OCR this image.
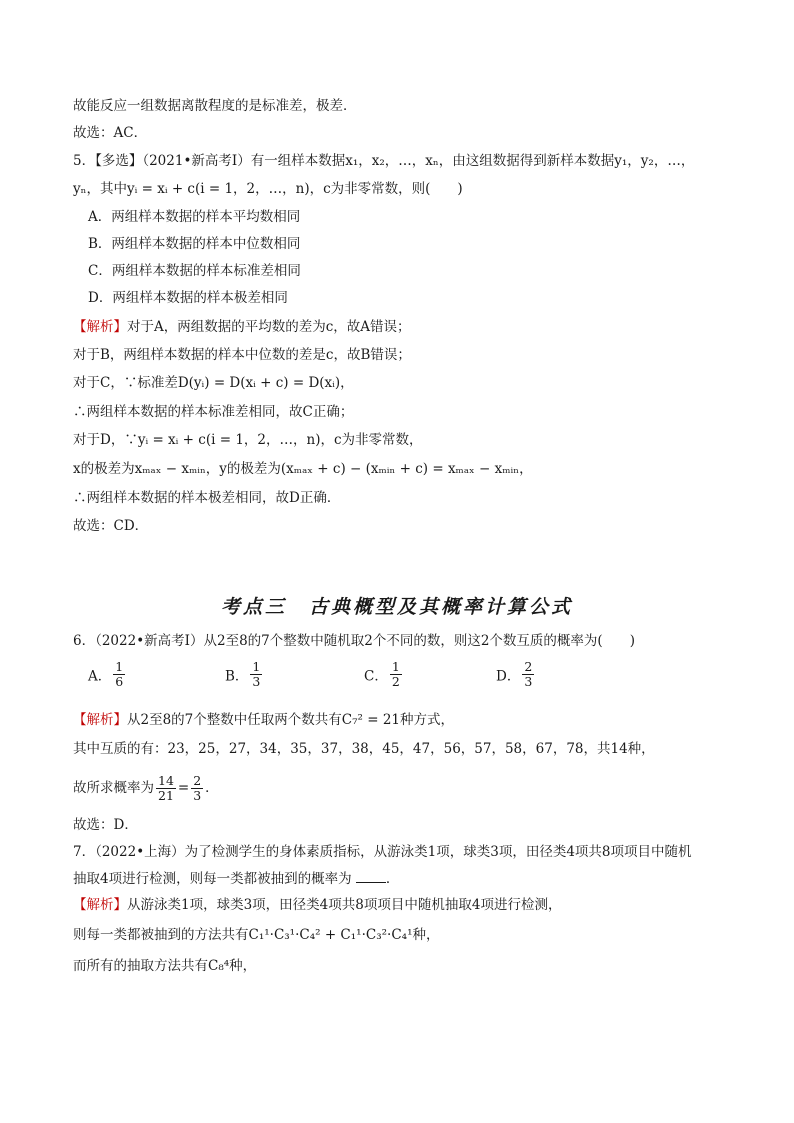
故能反应一组数据离散程度的是标准差，极差．
故选：AC．
5．【多选】（2021•新高考Ⅰ）有一组样本数据x₁，x₂，…，xₙ，由这组数据得到新样本数据y₁，y₂，…，
yₙ，其中yᵢ = xᵢ + c(i = 1，2，…，n)，c为非零常数，则(　　)
A．两组样本数据的样本平均数相同
B．两组样本数据的样本中位数相同
C．两组样本数据的样本标准差相同
D．两组样本数据的样本极差相同
【解析】对于A，两组数据的平均数的差为c，故A错误；
对于B，两组样本数据的样本中位数的差是c，故B错误；
对于C，∵标准差D(yᵢ) = D(xᵢ + c) = D(xᵢ)，
∴两组样本数据的样本标准差相同，故C正确；
对于D，∵yᵢ = xᵢ + c(i = 1，2，…，n)，c为非零常数，
x的极差为xₘₐₓ − xₘᵢₙ，y的极差为(xₘₐₓ + c) − (xₘᵢₙ + c) = xₘₐₓ − xₘᵢₙ，
∴两组样本数据的样本极差相同，故D正确．
故选：CD．
考点三　古典概型及其概率计算公式
6．（2022•新高考Ⅰ）从2至8的7个整数中随机取2个不同的数，则这2个数互质的概率为(　　)
A． $\frac{1}{6}$	B． $\frac{1}{3}$	C． $\frac{1}{2}$	D． $\frac{2}{3}$
【解析】从2至8的7个整数中任取两个数共有C₇² = 21种方式，
其中互质的有：23，25，27，34，35，37，38，45，47，56，57，58，67，78，共14种，
故所求概率为 $\frac{14}{21} = \frac{2}{3}$ ．
故选：D．
7．（2022•上海）为了检测学生的身体素质指标，从游泳类1项，球类3项，田径类4项共8项项目中随机
抽取4项进行检测，则每一类都被抽到的概率为	．
【解析】从游泳类1项，球类3项，田径类4项共8项项目中随机抽取4项进行检测，
则每一类都被抽到的方法共有C₁¹·C₃¹·C₄² + C₁¹·C₃²·C₄¹种，
而所有的抽取方法共有C₈⁴种，
